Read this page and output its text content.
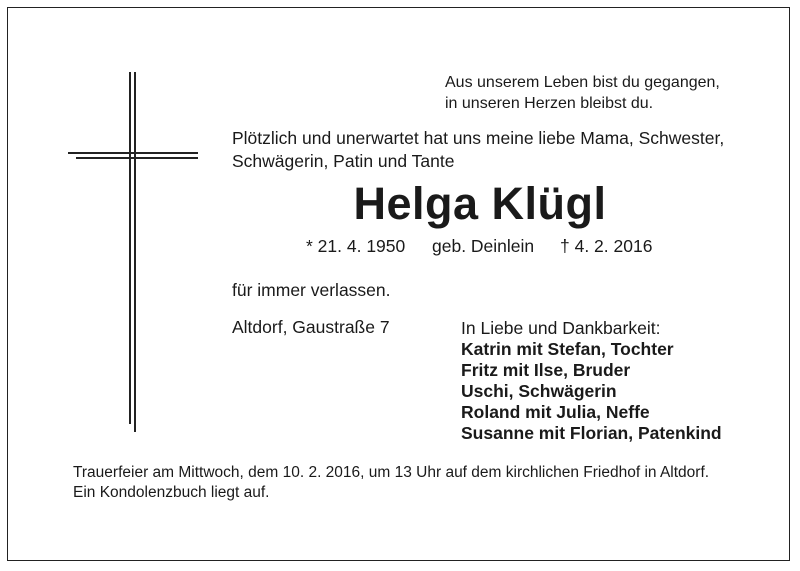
Aus unserem Leben bist du gegangen,
in unseren Herzen bleibst du.
Plötzlich und unerwartet hat uns meine liebe Mama, Schwester,
Schwägerin, Patin und Tante
Helga Klügl
* 21. 4. 1950 geb. Deinlein † 4. 2. 2016
für immer verlassen.
Altdorf, Gaustraße 7	In Liebe und Dankbarkeit:
Katrin mit Stefan, Tochter
Fritz mit Ilse, Bruder
Uschi, Schwägerin
Roland mit Julia, Neffe
Susanne mit Florian, Patenkind
Trauerfeier am Mittwoch, dem 10. 2. 2016, um 13 Uhr auf dem kirchlichen Friedhof in Altdorf.
Ein Kondolenzbuch liegt auf.
